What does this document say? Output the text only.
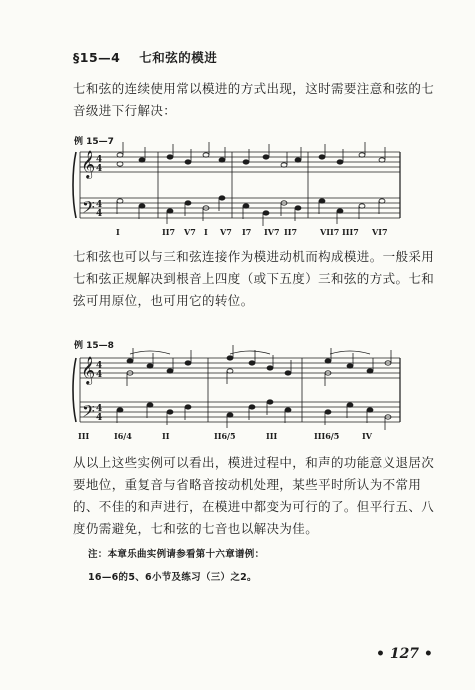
§15—4 七和弦的模进

七和弦的连续使用常以模进的方式出现，这时需要注意和弦的七音级进下行解决：

例 15—7
𝄞
𝄢
4
4
4
4
I	II7 V7 I V7 I7 IV7 II7	VII7 III7 VI7

七和弦也可以与三和弦连接作为模进动机而构成模进。一般采用七和弦正规解决到根音上四度（或下五度）三和弦的方式。七和弦可用原位，也可用它的转位。

例 15—8
𝄞
𝄢
4
4
4
4
III	I6/4	II	II6/5	III	III6/5	IV

从以上这些实例可以看出，模进过程中，和声的功能意义退居次要地位，重复音与省略音按动机处理，某些平时所认为不常用的、不佳的和声进行，在模进中都变为可行的了。但平行五、八度仍需避免，七和弦的七音也以解决为佳。

注：本章乐曲实例请参看第十六章谱例：
16—6的5、6小节及练习（三）之2。
• 127 •
